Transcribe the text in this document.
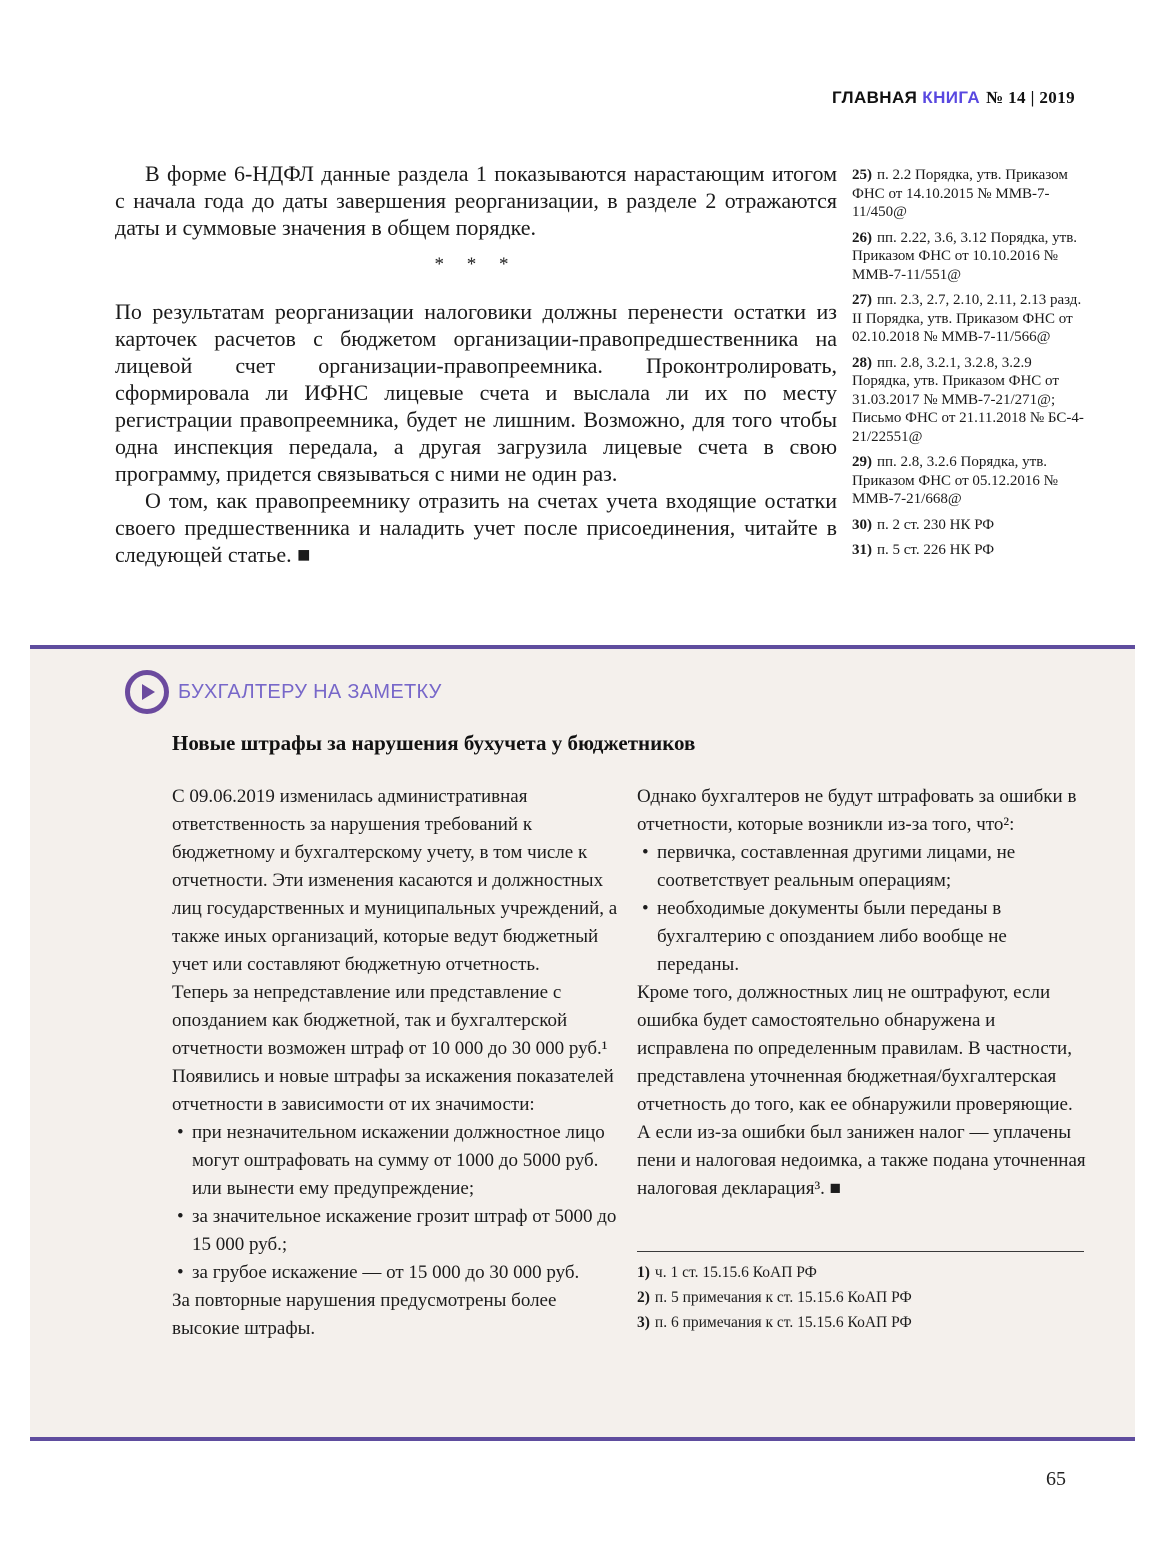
ГЛАВНАЯ КНИГА № 14 | 2019

В форме 6-НДФЛ данные раздела 1 показываются нарастающим итогом с начала года до даты завершения реорганизации, в разделе 2 отражаются даты и суммовые значения в общем порядке.

* * *

По результатам реорганизации налоговики должны перенести остатки из карточек расчетов с бюджетом организации-правопредшественника на лицевой счет организации-правопреемника. Проконтролировать, сформировала ли ИФНС лицевые счета и выслала ли их по месту регистрации правопреемника, будет не лишним. Возможно, для того чтобы одна инспекция передала, а другая загрузила лицевые счета в свою программу, придется связываться с ними не один раз.

О том, как правопреемнику отразить на счетах учета входящие остатки своего предшественника и наладить учет после присоединения, читайте в следующей статье. ■

25) п. 2.2 Порядка, утв. Приказом ФНС от 14.10.2015 № ММВ-7-11/450@
26) пп. 2.22, 3.6, 3.12 Порядка, утв. Приказом ФНС от 10.10.2016 № ММВ-7-11/551@
27) пп. 2.3, 2.7, 2.10, 2.11, 2.13 разд. II Порядка, утв. Приказом ФНС от 02.10.2018 № ММВ-7-11/566@
28) пп. 2.8, 3.2.1, 3.2.8, 3.2.9 Порядка, утв. Приказом ФНС от 31.03.2017 № ММВ-7-21/271@; Письмо ФНС от 21.11.2018 № БС-4-21/22551@
29) пп. 2.8, 3.2.6 Порядка, утв. Приказом ФНС от 05.12.2016 № ММВ-7-21/668@
30) п. 2 ст. 230 НК РФ
31) п. 5 ст. 226 НК РФ
БУХГАЛТЕРУ НА ЗАМЕТКУ
Новые штрафы за нарушения бухучета у бюджетников

С 09.06.2019 изменилась административная ответственность за нарушения требований к бюджетному и бухгалтерскому учету, в том числе к отчетности. Эти изменения касаются и должностных лиц государственных и муниципальных учреждений, а также иных организаций, которые ведут бюджетный учет или составляют бюджетную отчетность.

Теперь за непредставление или представление с опозданием как бюджетной, так и бухгалтерской отчетности возможен штраф от 10 000 до 30 000 руб.¹ Появились и новые штрафы за искажения показателей отчетности в зависимости от их значимости:

• при незначительном искажении должностное лицо могут оштрафовать на сумму от 1000 до 5000 руб. или вынести ему предупреждение;
• за значительное искажение грозит штраф от 5000 до 15 000 руб.;
• за грубое искажение — от 15 000 до 30 000 руб.

За повторные нарушения предусмотрены более высокие штрафы.

Однако бухгалтеров не будут штрафовать за ошибки в отчетности, которые возникли из-за того, что²:

• первичка, составленная другими лицами, не соответствует реальным операциям;
• необходимые документы были переданы в бухгалтерию с опозданием либо вообще не переданы.

Кроме того, должностных лиц не оштрафуют, если ошибка будет самостоятельно обнаружена и исправлена по определенным правилам. В частности, представлена уточненная бюджетная/бухгалтерская отчетность до того, как ее обнаружили проверяющие. А если из-за ошибки был занижен налог — уплачены пени и налоговая недоимка, а также подана уточненная налоговая декларация³. ■

1) ч. 1 ст. 15.15.6 КоАП РФ
2) п. 5 примечания к ст. 15.15.6 КоАП РФ
3) п. 6 примечания к ст. 15.15.6 КоАП РФ
65
